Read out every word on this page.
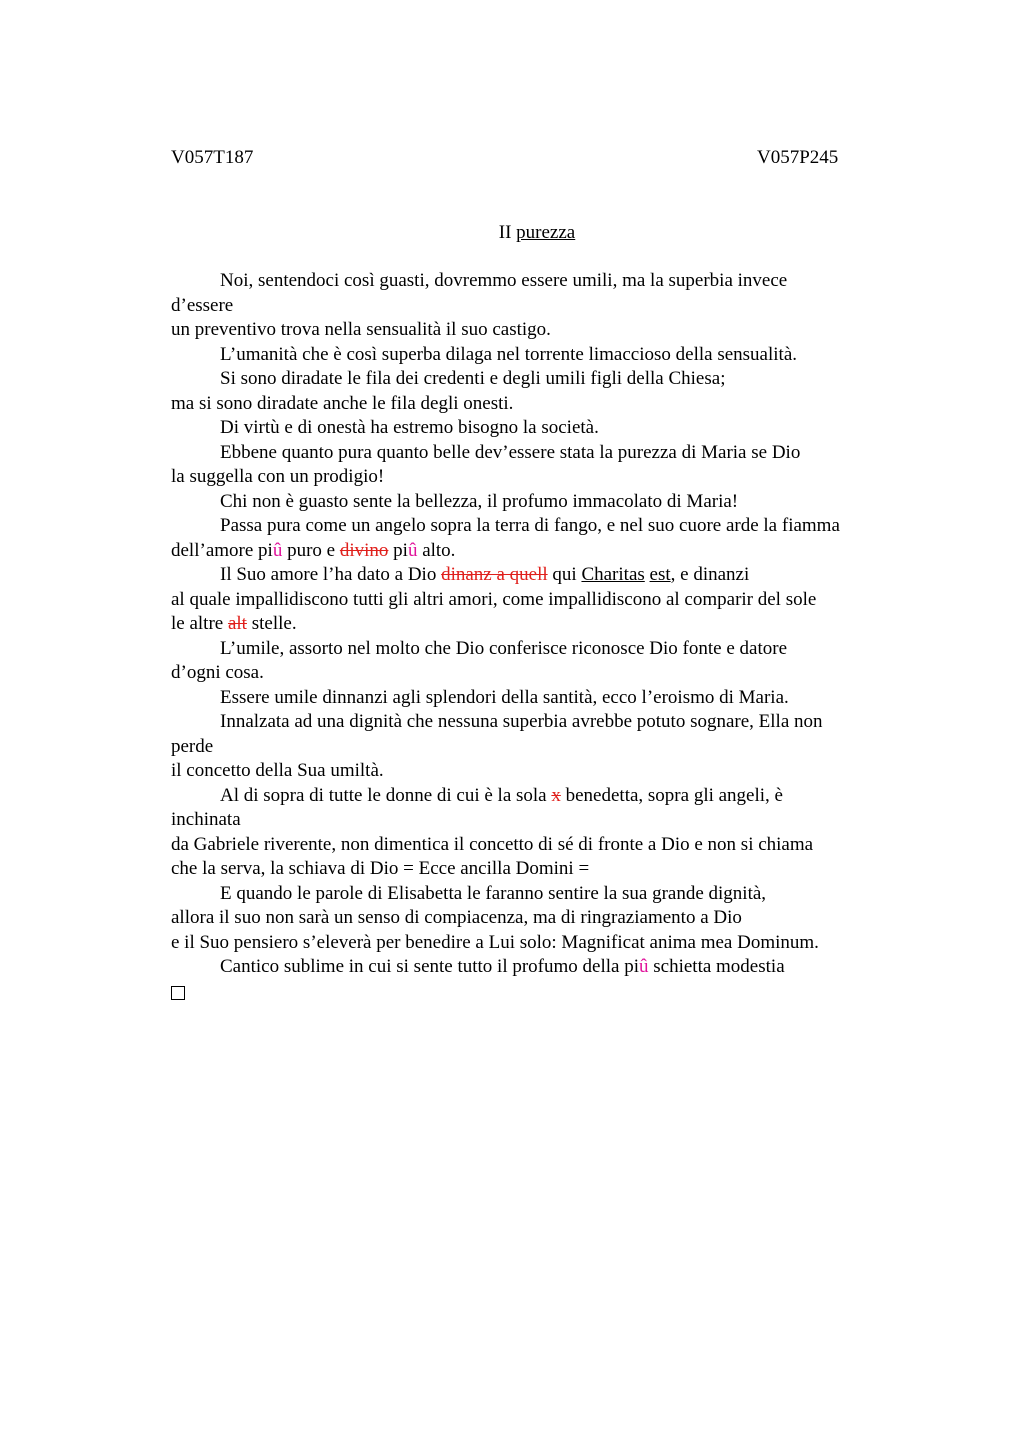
V057T187	V057P245
II purezza
Noi, sentendoci così guasti, dovremmo essere umili, ma la superbia invece
d’essere
un preventivo trova nella sensualità il suo castigo.
L’umanità che è così superba dilaga nel torrente limaccioso della sensualità.
Si sono diradate le fila dei credenti e degli umili figli della Chiesa;
ma si sono diradate anche le fila degli onesti.
Di virtù e di onestà ha estremo bisogno la società.
Ebbene quanto pura quanto belle dev’essere stata la purezza di Maria se Dio
la suggella con un prodigio!
Chi non è guasto sente la bellezza, il profumo immacolato di Maria!
Passa pura come un angelo sopra la terra di fango, e nel suo cuore arde la fiamma
dell’amore piû puro e divino piû alto.
Il Suo amore l’ha dato a Dio dinanz a quell qui Charitas est, e dinanzi
al quale impallidiscono tutti gli altri amori, come impallidiscono al comparir del sole
le altre alt stelle.
L’umile, assorto nel molto che Dio conferisce riconosce Dio fonte e datore
d’ogni cosa.
Essere umile dinnanzi agli splendori della santità, ecco l’eroismo di Maria.
Innalzata ad una dignità che nessuna superbia avrebbe potuto sognare, Ella non
perde
il concetto della Sua umiltà.
Al di sopra di tutte le donne di cui è la sola x benedetta, sopra gli angeli, è
inchinata
da Gabriele riverente, non dimentica il concetto di sé di fronte a Dio e non si chiama
che la serva, la schiava di Dio = Ecce ancilla Domini =
E quando le parole di Elisabetta le faranno sentire la sua grande dignità,
allora il suo non sarà un senso di compiacenza, ma di ringraziamento a Dio
e il Suo pensiero s’eleverà per benedire a Lui solo: Magnificat anima mea Dominum.
Cantico sublime in cui si sente tutto il profumo della piû schietta modestia
